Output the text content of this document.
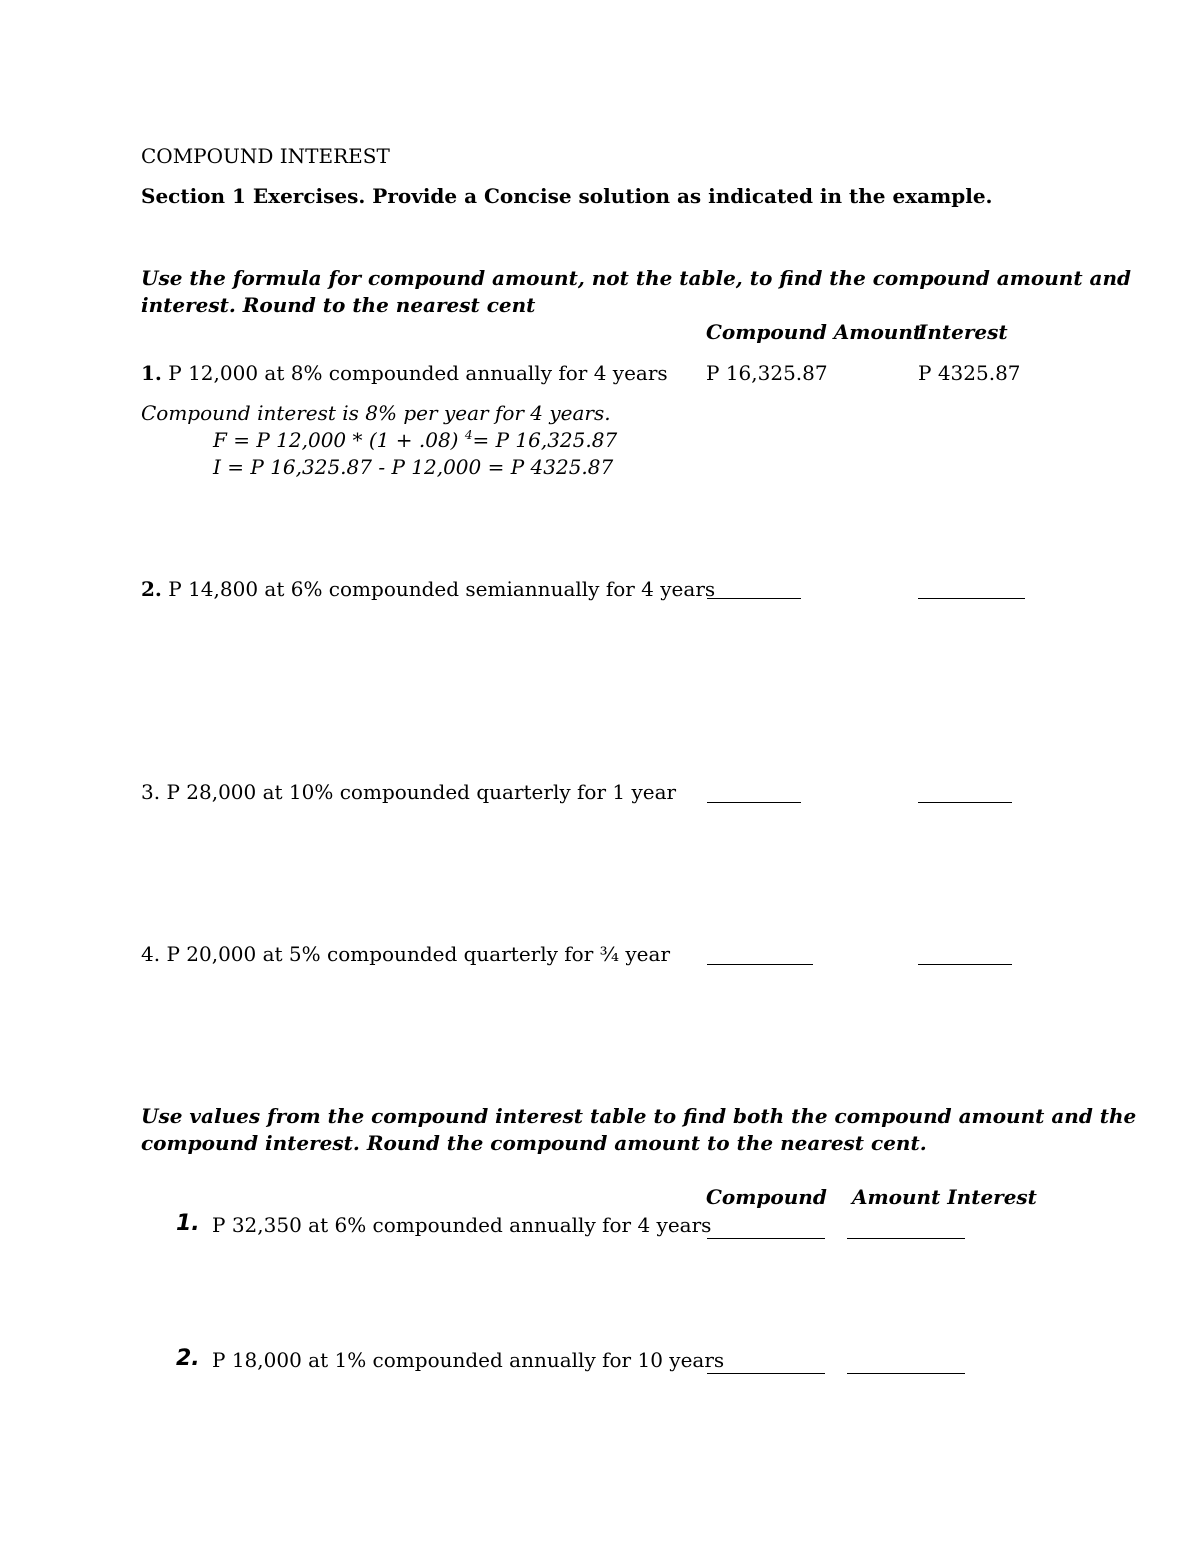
COMPOUND INTEREST
Section 1 Exercises. Provide a Concise solution as indicated in the example.
Use the formula for compound amount, not the table, to find the compound amount and
interest. Round to the nearest cent
Compound Amount
Interest
1. P 12,000 at 8% compounded annually for 4 years P 16,325.87	P 4325.87
Compound interest is 8% per year for 4 years.
F = P 12,000 * (1 + .08) $^4$= P 16,325.87
I = P 16,325.87 - P 12,000 = P 4325.87
2. P 14,800 at 6% compounded semiannually for 4 years
3. P 28,000 at 10% compounded quarterly for 1 year
4. P 20,000 at 5% compounded quarterly for ¾ year
Use values from the compound interest table to find both the compound amount and the
compound interest. Round the compound amount to the nearest cent.
Compound Amount Interest
1. P 32,350 at 6% compounded annually for 4 years
2. P 18,000 at 1% compounded annually for 10 years
